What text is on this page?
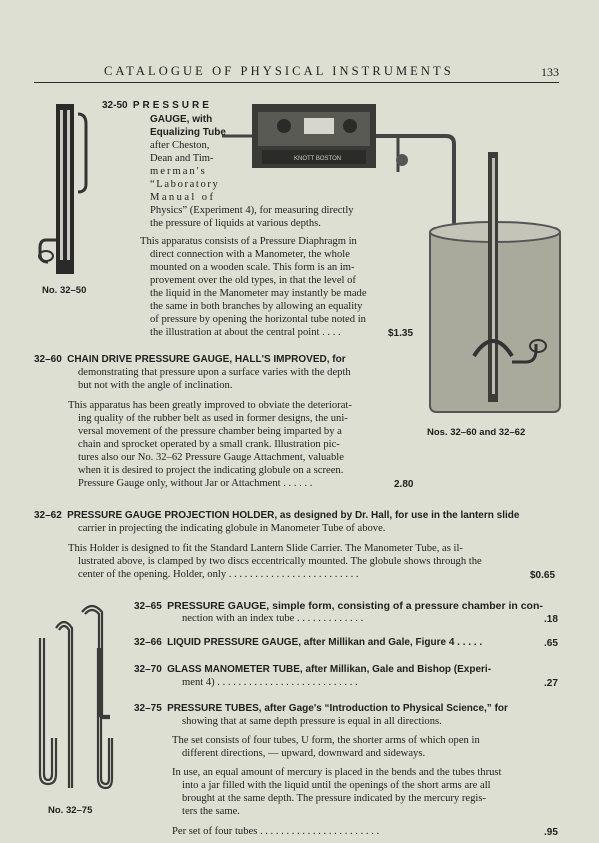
CATALOGUE OF PHYSICAL INSTRUMENTS	133
No. 32–50
32-50 PRESSURE
GAUGE, with
Equalizing Tube
after Cheston,
Dean and Tim-
merman's
“Laboratory
Manual of
Physics” (Experiment 4), for measuring directly
the pressure of liquids at various depths.
This apparatus consists of a Pressure Diaphragm in
direct connection with a Manometer, the whole
mounted on a wooden scale. This form is an im-
provement over the old types, in that the level of
the liquid in the Manometer may instantly be made
the same in both branches by allowing an equality
of pressure by opening the horizontal tube noted in
the illustration at about the central point . . . .	$1.35
KNOTT BOSTON
Nos. 32–60 and 32–62
32–60 CHAIN DRIVE PRESSURE GAUGE, HALL'S IMPROVED, for
demonstrating that pressure upon a surface varies with the depth
but not with the angle of inclination.
This apparatus has been greatly improved to obviate the deteriorat-
ing quality of the rubber belt as used in former designs, the uni-
versal movement of the pressure chamber being imparted by a
chain and sprocket operated by a small crank. Illustration pic-
tures also our No. 32–62 Pressure Gauge Attachment, valuable
when it is desired to project the indicating globule on a screen.
Pressure Gauge only, without Jar or Attachment . . . . . .	2.80
32–62 PRESSURE GAUGE PROJECTION HOLDER, as designed by Dr. Hall, for use in the lantern slide
carrier in projecting the indicating globule in Manometer Tube of above.
This Holder is designed to fit the Standard Lantern Slide Carrier. The Manometer Tube, as il-
lustrated above, is clamped by two discs eccentrically mounted. The globule shows through the
center of the opening. Holder, only . . . . . . . . . . . . . . . . . . . . . . . . .	$0.65
No. 32–75
32–65 PRESSURE GAUGE, simple form, consisting of a pressure chamber in con-
nection with an index tube . . . . . . . . . . . . .	.18
32–66 LIQUID PRESSURE GAUGE, after Millikan and Gale, Figure 4 . . . . .	.65
32–70 GLASS MANOMETER TUBE, after Millikan, Gale and Bishop (Experi-
ment 4) . . . . . . . . . . . . . . . . . . . . . . . . . . .	.27
32–75 PRESSURE TUBES, after Gage's “Introduction to Physical Science,” for
showing that at same depth pressure is equal in all directions.
The set consists of four tubes, U form, the shorter arms of which open in
different directions, — upward, downward and sideways.
In use, an equal amount of mercury is placed in the bends and the tubes thrust
into a jar filled with the liquid until the openings of the short arms are all
brought at the same depth. The pressure indicated by the mercury regis-
ters the same.
Per set of four tubes . . . . . . . . . . . . . . . . . . . . . . .	.95
